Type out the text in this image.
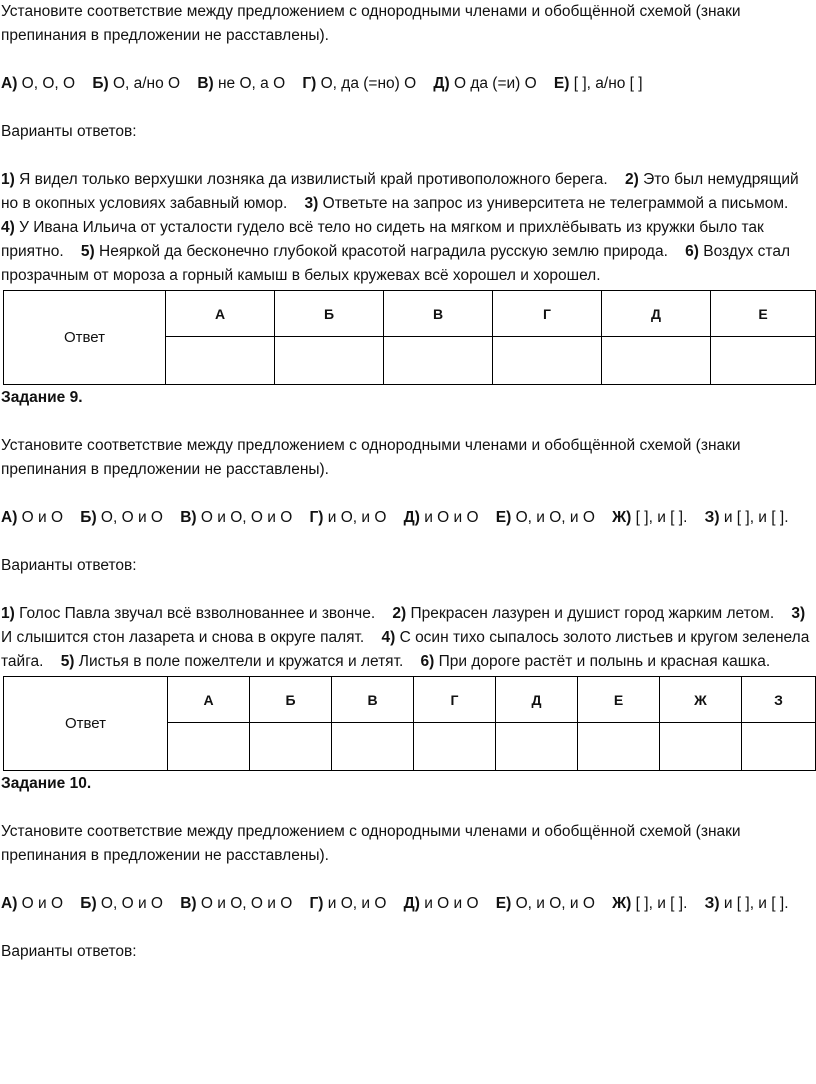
Установите соответствие между предложением с однородными членами и обобщённой схемой (знаки препинания в предложении не расставлены).

А) О, О, О Б) О, а/но О В) не О, а О Г) О, да (=но) О Д) О да (=и) О Е) [ ], а/но [ ]

Варианты ответов:

1) Я видел только верхушки лозняка да извилистый край противоположного берега. 2) Это был немудрящий но в окопных условиях забавный юмор. 3) Ответьте на запрос из университета не телеграммой а письмом.    4) У Ивана Ильича от усталости гудело всё тело но сидеть на мягком и прихлёбывать из кружки было так приятно. 5) Неяркой да бесконечно глубокой красотой наградила русскую землю природа. 6) Воздух стал прозрачным от мороза а горный камыш в белых кружевах всё хорошел и хорошел.

Ответ	А	Б	В	Г	Д	Е

Задание 9.

Установите соответствие между предложением с однородными членами и обобщённой схемой (знаки препинания в предложении не расставлены).

А) О и О Б) О, О и О В) О и О, О и О Г) и О, и О Д) и О и О Е) О, и О, и О Ж) [ ], и [ ]. З) и [ ], и [ ].

Варианты ответов:

1) Голос Павла звучал всё взволнованнее и звонче. 2) Прекрасен лазурен и душист город жарким летом. 3) И слышится стон лазарета и снова в округе палят. 4) С осин тихо сыпалось золото листьев и кругом зеленела тайга. 5) Листья в поле пожелтели и кружатся и летят. 6) При дороге растёт и полынь и красная кашка.

Ответ	А	Б	В	Г	Д	Е	Ж	З

Задание 10.

Установите соответствие между предложением с однородными членами и обобщённой схемой (знаки препинания в предложении не расставлены).

А) О и О Б) О, О и О В) О и О, О и О Г) и О, и О Д) и О и О Е) О, и О, и О Ж) [ ], и [ ]. З) и [ ], и [ ].

Варианты ответов:
